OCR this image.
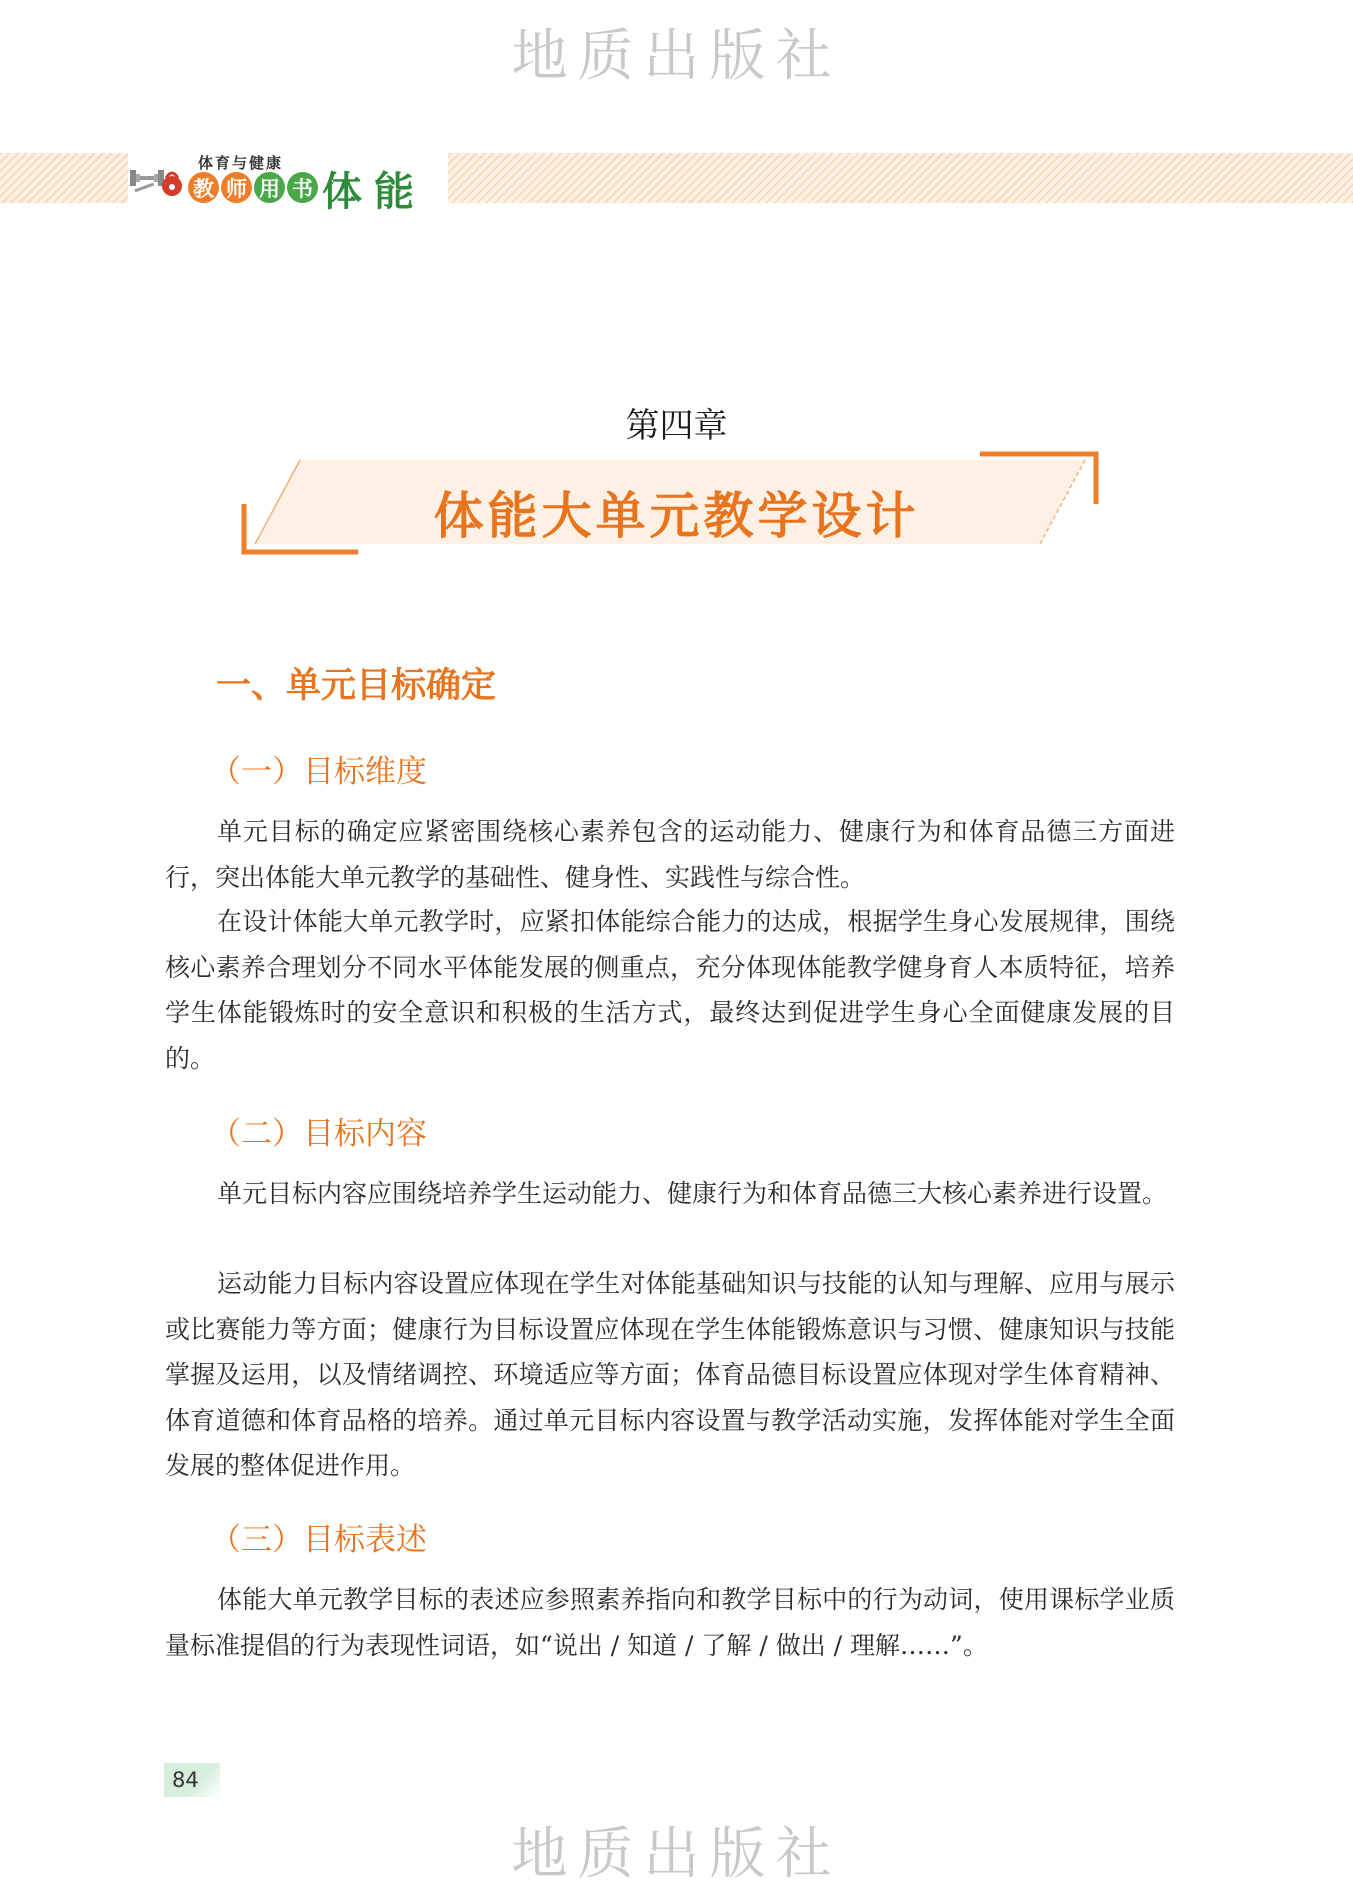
地质出版社
体育与健康
教 师 用 书 体能
第四章
体能大单元教学设计
一、单元目标确定
（一）目标维度

单元目标的确定应紧密围绕核心素养包含的运动能力、健康行为和体育品德三方面进行，突出体能大单元教学的基础性、健身性、实践性与综合性。

在设计体能大单元教学时，应紧扣体能综合能力的达成，根据学生身心发展规律，围绕核心素养合理划分不同水平体能发展的侧重点，充分体现体能教学健身育人本质特征，培养学生体能锻炼时的安全意识和积极的生活方式，最终达到促进学生身心全面健康发展的目的。

（二）目标内容

单元目标内容应围绕培养学生运动能力、健康行为和体育品德三大核心素养进行设置。

运动能力目标内容设置应体现在学生对体能基础知识与技能的认知与理解、应用与展示或比赛能力等方面；健康行为目标设置应体现在学生体能锻炼意识与习惯、健康知识与技能掌握及运用，以及情绪调控、环境适应等方面；体育品德目标设置应体现对学生体育精神、体育道德和体育品格的培养。通过单元目标内容设置与教学活动实施，发挥体能对学生全面发展的整体促进作用。

（三）目标表述

体能大单元教学目标的表述应参照素养指向和教学目标中的行为动词，使用课标学业质量标准提倡的行为表现性词语，如“说出 / 知道 / 了解 / 做出 / 理解……”。

84
地质出版社
